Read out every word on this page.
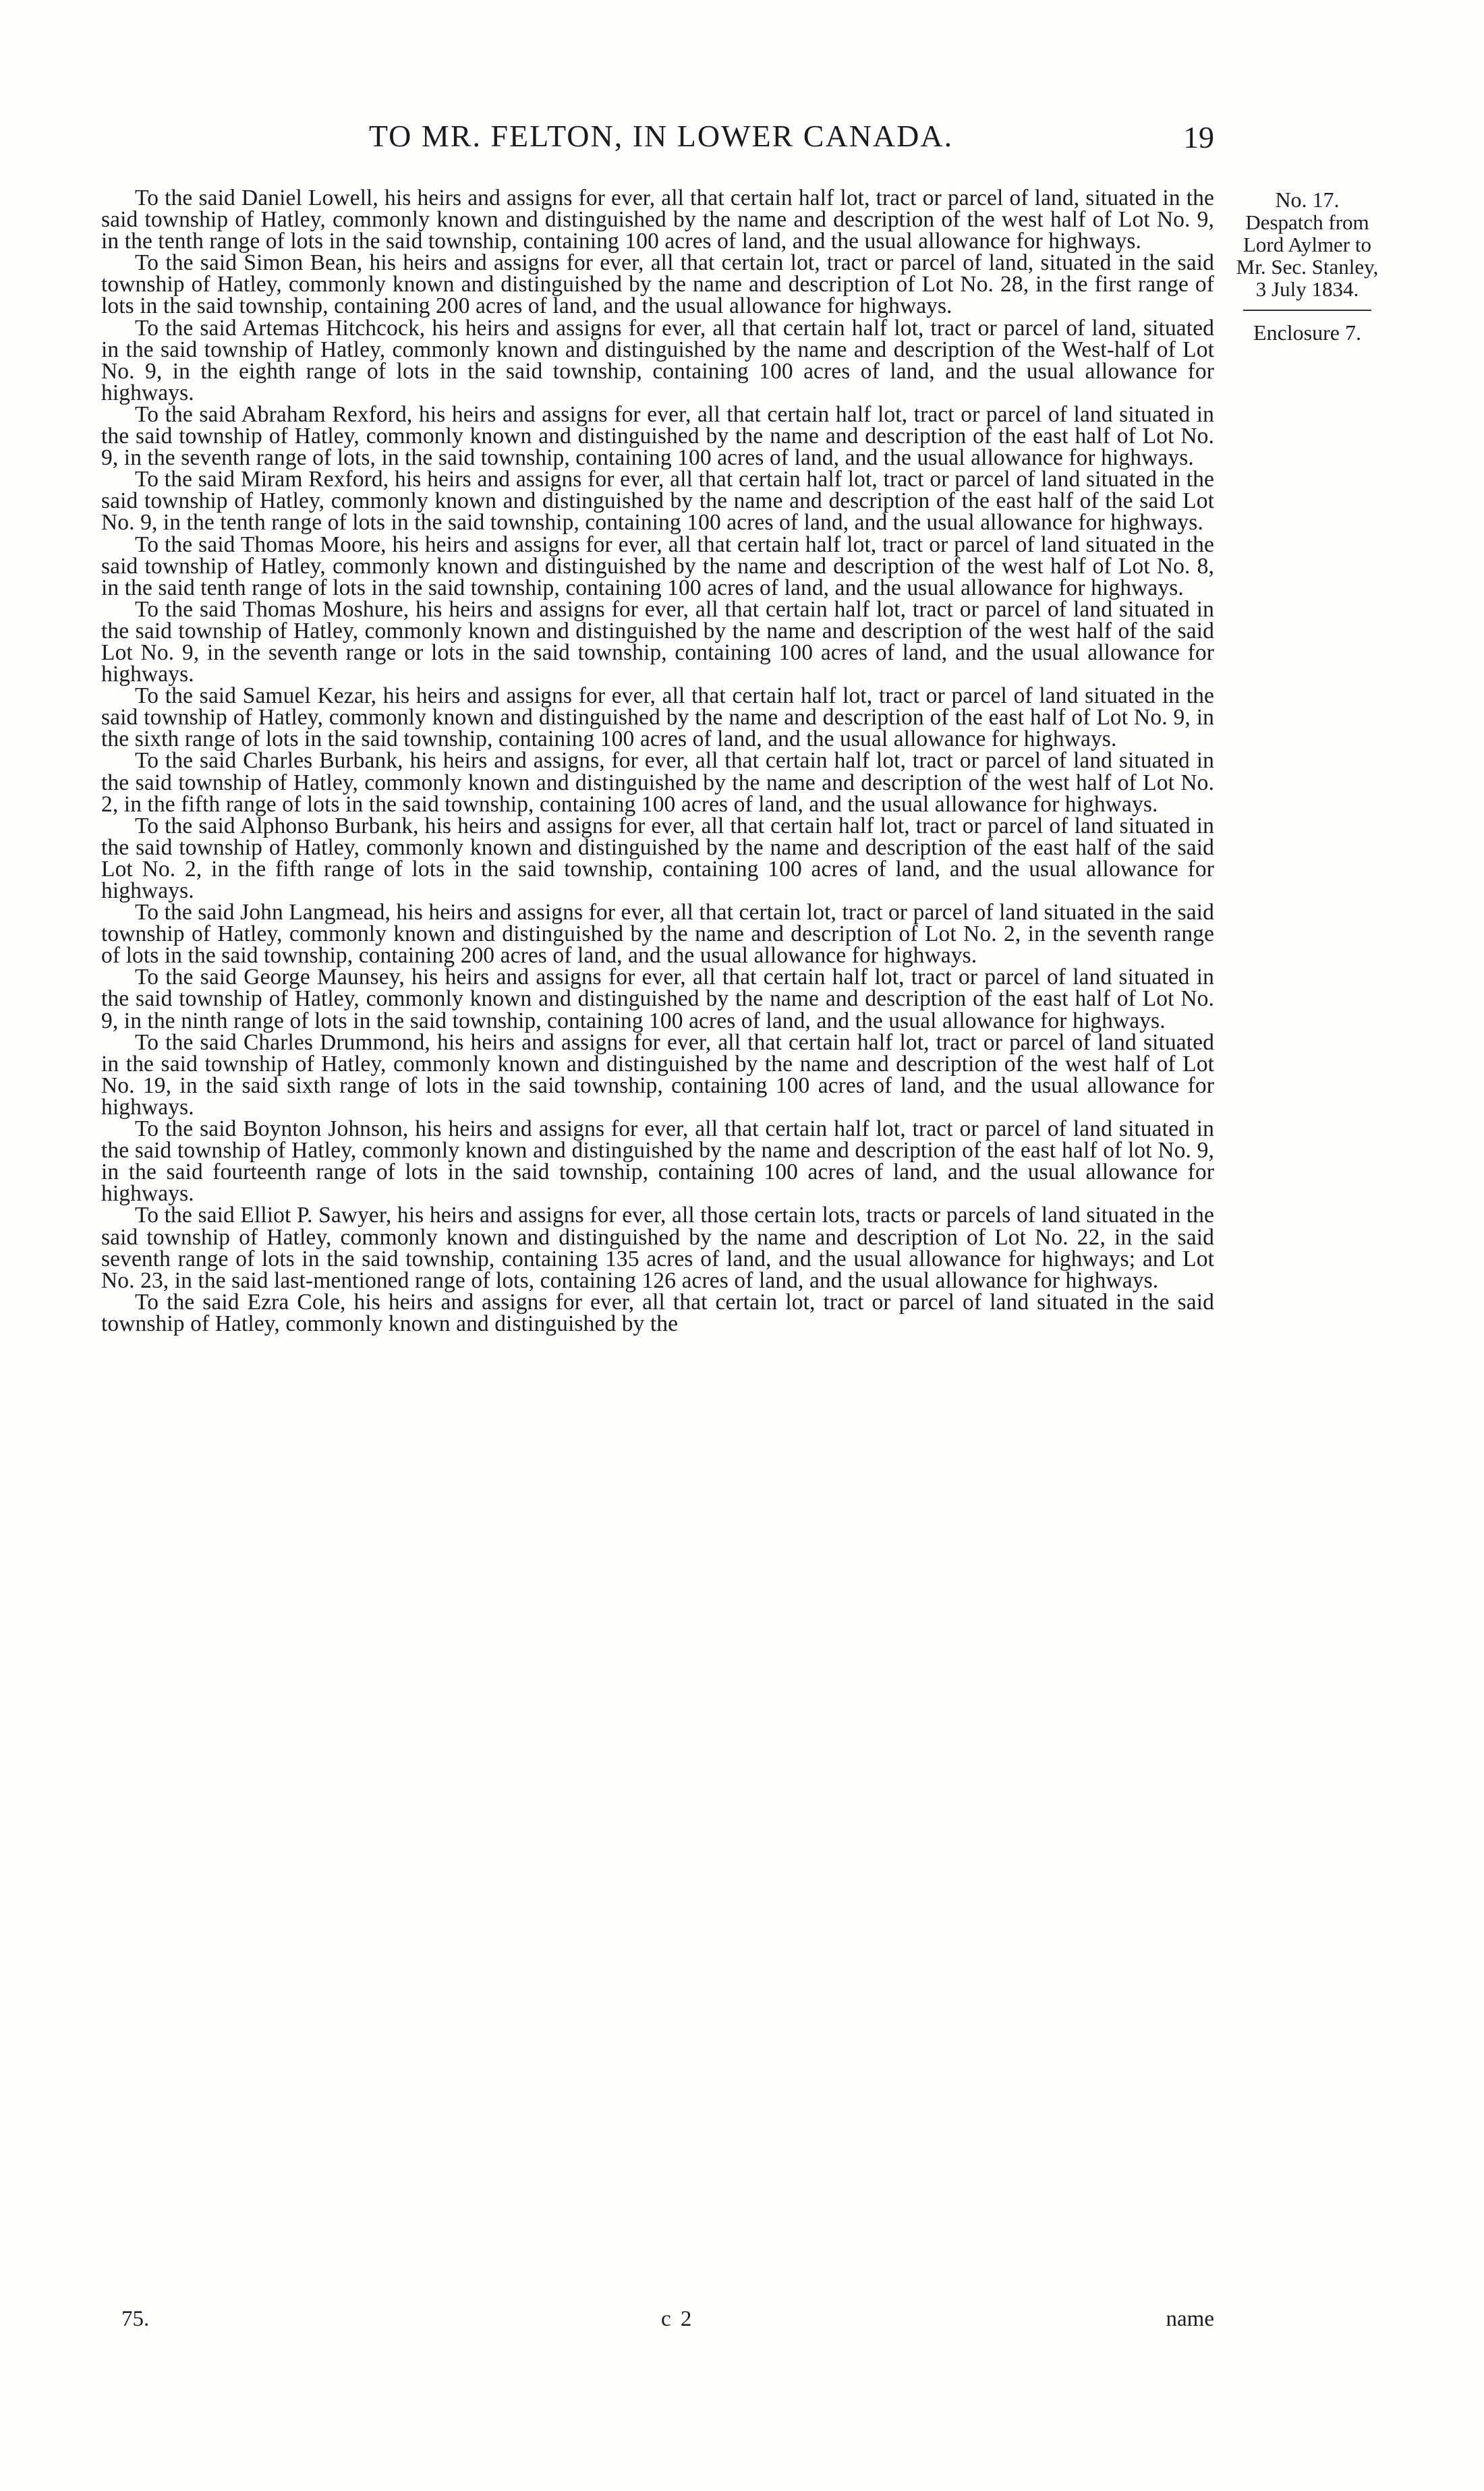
TO MR. FELTON, IN LOWER CANADA.	19
No. 17.
Despatch from
Lord Aylmer to
Mr. Sec. Stanley,
3 July 1834.
Enclosure 7.

To the said Daniel Lowell, his heirs and assigns for ever, all that certain half lot, tract or parcel of land, situated in the said township of Hatley, commonly known and distinguished by the name and description of the west half of Lot No. 9, in the tenth range of lots in the said township, containing 100 acres of land, and the usual allowance for highways.

To the said Simon Bean, his heirs and assigns for ever, all that certain lot, tract or parcel of land, situated in the said township of Hatley, commonly known and distinguished by the name and description of Lot No. 28, in the first range of lots in the said township, containing 200 acres of land, and the usual allowance for highways.

To the said Artemas Hitchcock, his heirs and assigns for ever, all that certain half lot, tract or parcel of land, situated in the said township of Hatley, commonly known and distinguished by the name and description of the West-half of Lot No. 9, in the eighth range of lots in the said township, containing 100 acres of land, and the usual allowance for highways.

To the said Abraham Rexford, his heirs and assigns for ever, all that certain half lot, tract or parcel of land situated in the said township of Hatley, commonly known and distinguished by the name and description of the east half of Lot No. 9, in the seventh range of lots, in the said township, containing 100 acres of land, and the usual allowance for highways.

To the said Miram Rexford, his heirs and assigns for ever, all that certain half lot, tract or parcel of land situated in the said township of Hatley, commonly known and distinguished by the name and description of the east half of the said Lot No. 9, in the tenth range of lots in the said township, containing 100 acres of land, and the usual allowance for highways.

To the said Thomas Moore, his heirs and assigns for ever, all that certain half lot, tract or parcel of land situated in the said township of Hatley, commonly known and distinguished by the name and description of the west half of Lot No. 8, in the said tenth range of lots in the said township, containing 100 acres of land, and the usual allowance for highways.

To the said Thomas Moshure, his heirs and assigns for ever, all that certain half lot, tract or parcel of land situated in the said township of Hatley, commonly known and distinguished by the name and description of the west half of the said Lot No. 9, in the seventh range or lots in the said township, containing 100 acres of land, and the usual allowance for highways.

To the said Samuel Kezar, his heirs and assigns for ever, all that certain half lot, tract or parcel of land situated in the said township of Hatley, commonly known and distinguished by the name and description of the east half of Lot No. 9, in the sixth range of lots in the said township, containing 100 acres of land, and the usual allowance for highways.

To the said Charles Burbank, his heirs and assigns, for ever, all that certain half lot, tract or parcel of land situated in the said township of Hatley, commonly known and distinguished by the name and description of the west half of Lot No. 2, in the fifth range of lots in the said township, containing 100 acres of land, and the usual allowance for highways.

To the said Alphonso Burbank, his heirs and assigns for ever, all that certain half lot, tract or parcel of land situated in the said township of Hatley, commonly known and distinguished by the name and description of the east half of the said Lot No. 2, in the fifth range of lots in the said township, containing 100 acres of land, and the usual allowance for highways.

To the said John Langmead, his heirs and assigns for ever, all that certain lot, tract or parcel of land situated in the said township of Hatley, commonly known and distinguished by the name and description of Lot No. 2, in the seventh range of lots in the said township, containing 200 acres of land, and the usual allowance for highways.

To the said George Maunsey, his heirs and assigns for ever, all that certain half lot, tract or parcel of land situated in the said township of Hatley, commonly known and distinguished by the name and description of the east half of Lot No. 9, in the ninth range of lots in the said township, containing 100 acres of land, and the usual allowance for highways.

To the said Charles Drummond, his heirs and assigns for ever, all that certain half lot, tract or parcel of land situated in the said township of Hatley, commonly known and distinguished by the name and description of the west half of Lot No. 19, in the said sixth range of lots in the said township, containing 100 acres of land, and the usual allowance for highways.

To the said Boynton Johnson, his heirs and assigns for ever, all that certain half lot, tract or parcel of land situated in the said township of Hatley, commonly known and distinguished by the name and description of the east half of lot No. 9, in the said fourteenth range of lots in the said township, containing 100 acres of land, and the usual allowance for highways.

To the said Elliot P. Sawyer, his heirs and assigns for ever, all those certain lots, tracts or parcels of land situated in the said township of Hatley, commonly known and distinguished by the name and description of Lot No. 22, in the said seventh range of lots in the said township, containing 135 acres of land, and the usual allowance for highways; and Lot No. 23, in the said last-mentioned range of lots, containing 126 acres of land, and the usual allowance for highways.

To the said Ezra Cole, his heirs and assigns for ever, all that certain lot, tract or parcel of land situated in the said township of Hatley, commonly known and distinguished by the

75.	c 2	name
